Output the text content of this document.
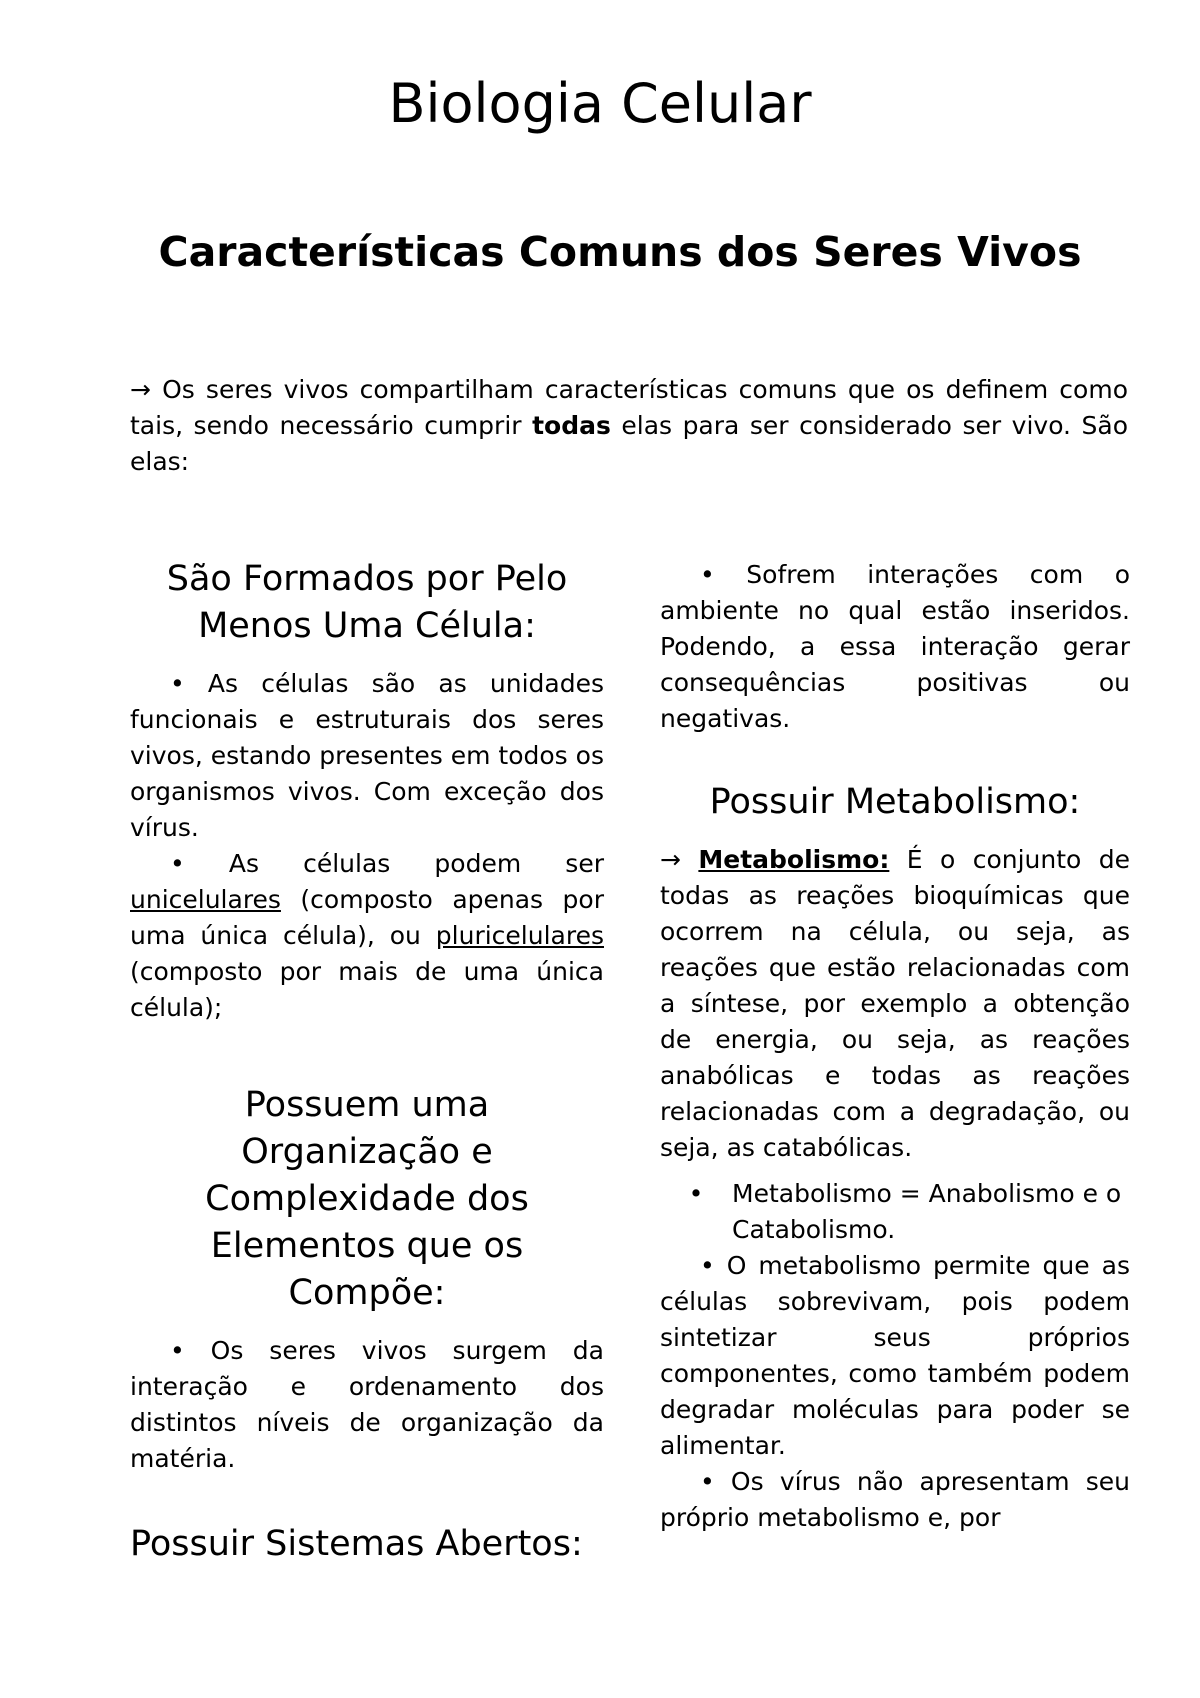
Biologia Celular
Características Comuns dos Seres Vivos

→ Os seres vivos compartilham características comuns que os definem como tais, sendo necessário cumprir todas elas para ser considerado ser vivo. São elas:

São Formados por Pelo Menos Uma Célula:

• As células são as unidades funcionais e estruturais dos seres vivos, estando presentes em todos os organismos vivos. Com exceção dos vírus.

• As células podem ser unicelulares (composto apenas por uma única célula), ou pluricelulares (composto por mais de uma única célula);

Possuem uma Organização e Complexidade dos Elementos que os Compõe:

• Os seres vivos surgem da interação e ordenamento dos distintos níveis de organização da matéria.

Possuir Sistemas Abertos:

• Sofrem interações com o ambiente no qual estão inseridos. Podendo, a essa interação gerar consequências positivas ou negativas.

Possuir Metabolismo:

→ Metabolismo: É o conjunto de todas as reações bioquímicas que ocorrem na célula, ou seja, as reações que estão relacionadas com a síntese, por exemplo a obtenção de energia, ou seja, as reações anabólicas e todas as reações relacionadas com a degradação, ou seja, as catabólicas.

•	Metabolismo = Anabolismo e o Catabolismo.

• O metabolismo permite que as células sobrevivam, pois podem sintetizar seus próprios componentes, como também podem degradar moléculas para poder se alimentar.

• Os vírus não apresentam seu próprio metabolismo e, por
